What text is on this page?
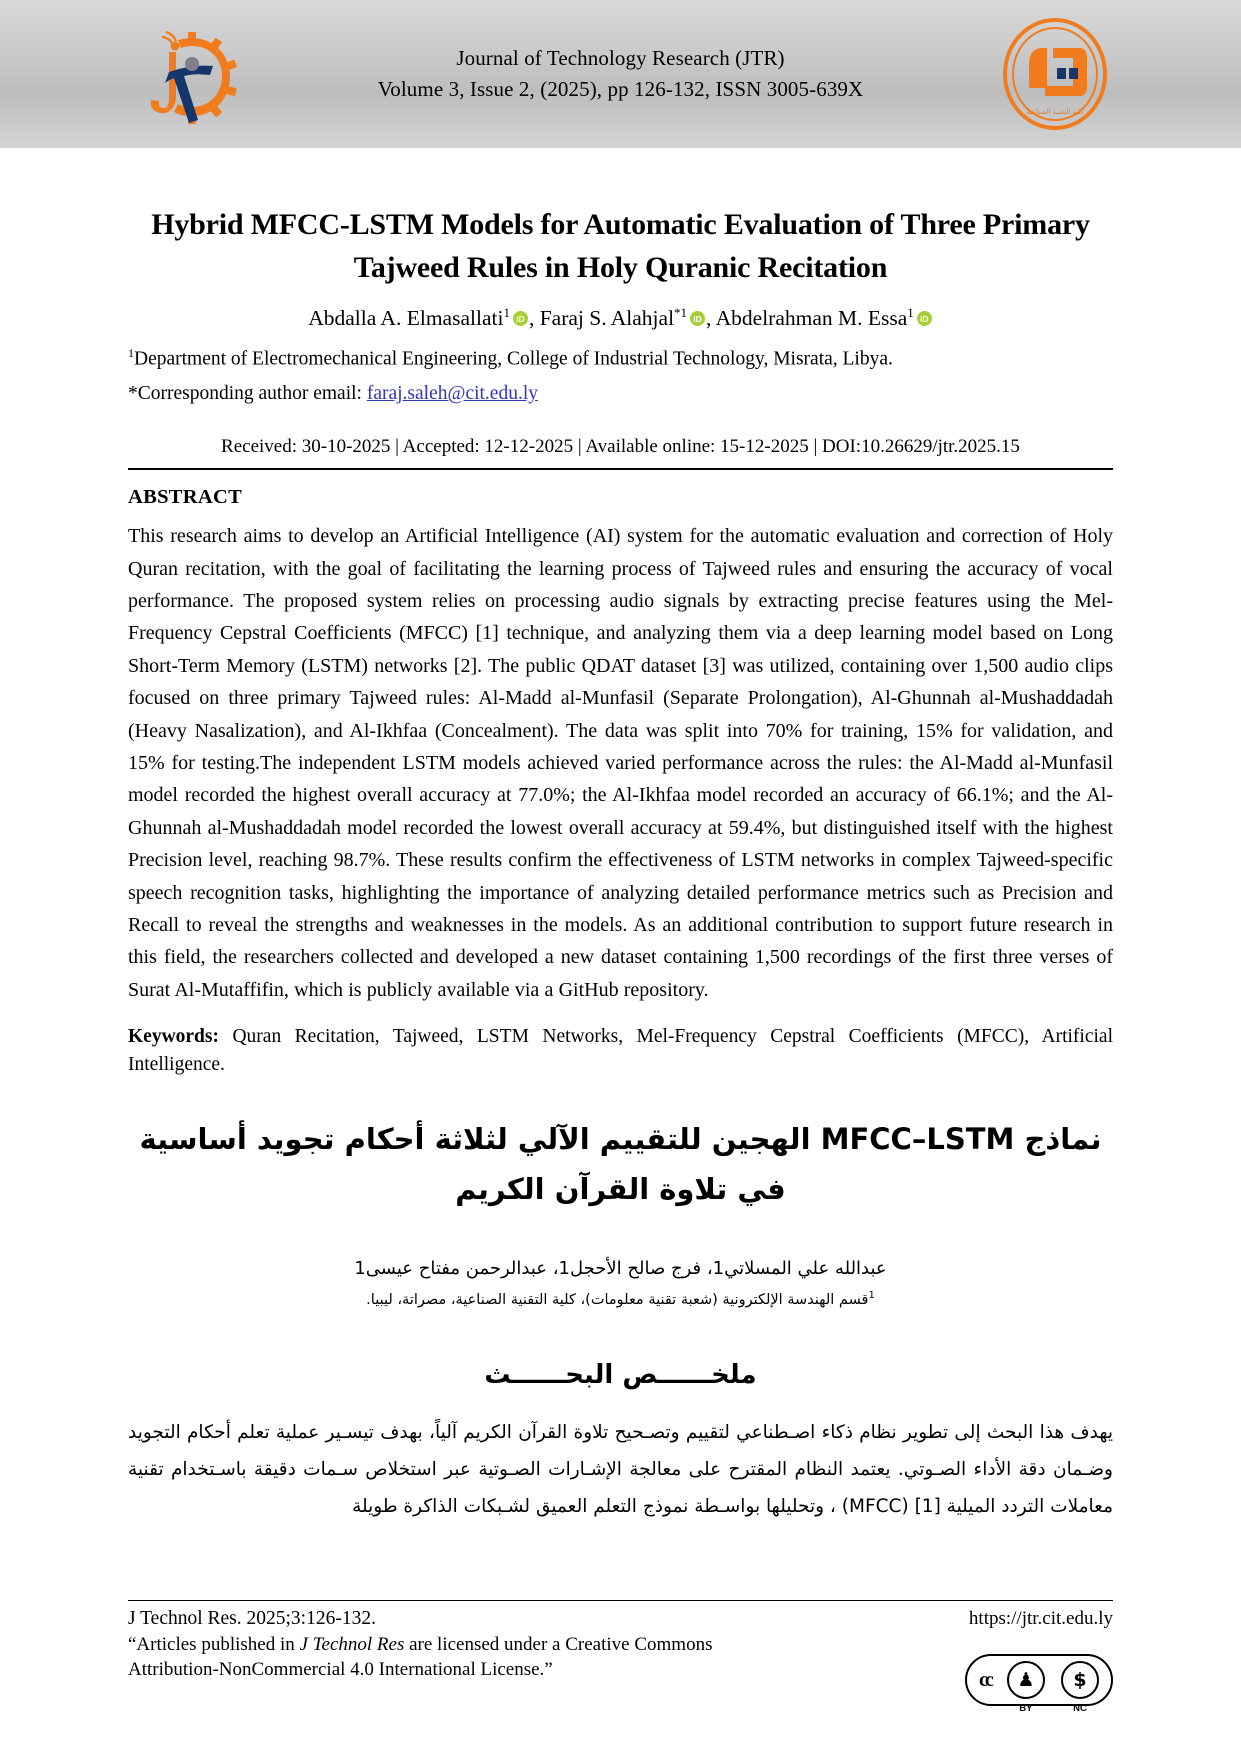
Journal of Technology Research (JTR)
Volume 3, Issue 2, (2025), pp 126-132, ISSN 3005-639X
كلية التقنية الصناعية
Hybrid MFCC-LSTM Models for Automatic Evaluation of Three Primary Tajweed Rules in Holy Quranic Recitation
Abdalla A. Elmasallati$^1$ iD , Faraj S. Alahjal$^{*1}$ iD , Abdelrahman M. Essa$^1$iD
$^1$Department of Electromechanical Engineering, College of Industrial Technology, Misrata, Libya.
*Corresponding author email: faraj.saleh@cit.edu.ly
Received: 30-10-2025 | Accepted: 12-12-2025 | Available online: 15-12-2025 | DOI:10.26629/jtr.2025.15
ABSTRACT

This research aims to develop an Artificial Intelligence (AI) system for the automatic evaluation and correction of Holy Quran recitation, with the goal of facilitating the learning process of Tajweed rules and ensuring the accuracy of vocal performance. The proposed system relies on processing audio signals by extracting precise features using the Mel-Frequency Cepstral Coefficients (MFCC) [1] technique, and analyzing them via a deep learning model based on Long Short-Term Memory (LSTM) networks [2]. The public QDAT dataset [3] was utilized, containing over 1,500 audio clips focused on three primary Tajweed rules: Al-Madd al-Munfasil (Separate Prolongation), Al-Ghunnah al-Mushaddadah (Heavy Nasalization), and Al-Ikhfaa (Concealment). The data was split into 70% for training, 15% for validation, and 15% for testing.The independent LSTM models achieved varied performance across the rules: the Al-Madd al-Munfasil model recorded the highest overall accuracy at 77.0%; the Al-Ikhfaa model recorded an accuracy of 66.1%; and the Al-Ghunnah al-Mushaddadah model recorded the lowest overall accuracy at 59.4%, but distinguished itself with the highest Precision level, reaching 98.7%. These results confirm the effectiveness of LSTM networks in complex Tajweed-specific speech recognition tasks, highlighting the importance of analyzing detailed performance metrics such as Precision and Recall to reveal the strengths and weaknesses in the models. As an additional contribution to support future research in this field, the researchers collected and developed a new dataset containing 1,500 recordings of the first three verses of Surat Al-Mutaffifin, which is publicly available via a GitHub repository.

Keywords: Quran Recitation, Tajweed, LSTM Networks, Mel-Frequency Cepstral Coefficients (MFCC), Artificial Intelligence.

نماذج MFCC–LSTM الهجين للتقييم الآلي لثلاثة أحكام تجويد أساسية في تلاوة القرآن الكريم
عبدالله علي المسلاتي1، فرج صالح الأحجل1، عبدالرحمن مفتاح عيسى1
$^1$قسم الهندسة الإلكترونية (شعبة تقنية معلومات)، كلية التقنية الصناعية، مصراتة، ليبيا.
ملخــــــص البحــــــث

يهدف هذا البحث إلى تطوير نظام ذكاء اصـطناعي لتقييم وتصـحيح تلاوة القرآن الكريم آلياً، بهدف تيسـير عملية تعلم أحكام التجويد وضـمان دقة الأداء الصـوتي. يعتمد النظام المقترح على معالجة الإشـارات الصـوتية عبر استخلاص سـمات دقيقة باسـتخدام تقنية معاملات التردد الميلية [1] (MFCC) ، وتحليلها بواسـطة نموذج التعلم العميق لشـبكات الذاكرة طويلة

J Technol Res. 2025;3:126-132.	https://jtr.cit.edu.ly
“Articles published in J Technol Res are licensed under a Creative Commons
Attribution-NonCommercial 4.0 International License.”	cc	♟
BY
$
NC
